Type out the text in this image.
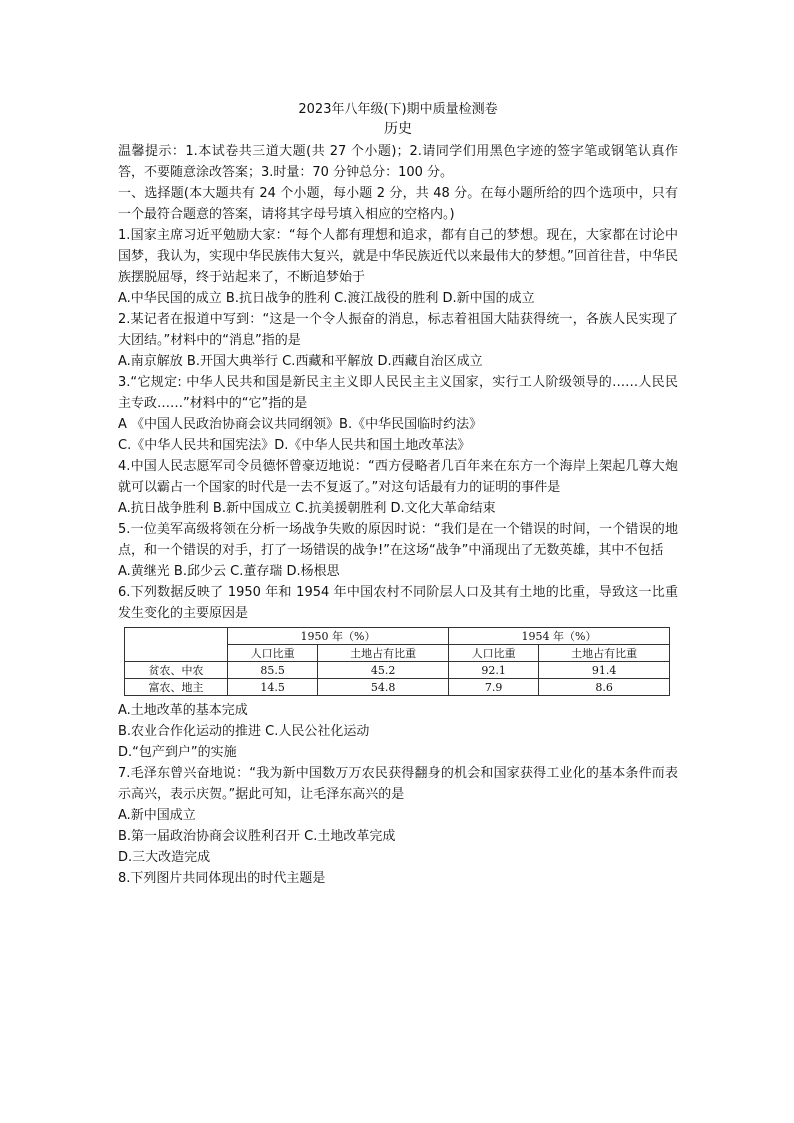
2023年八年级(下)期中质量检测卷
历史

温馨提示：1.本试卷共三道大题(共 27 个小题)；2.请同学们用黑色字迹的签字笔或钢笔认真作答，不要随意涂改答案；3.时量：70 分钟总分：100 分。

一、选择题(本大题共有 24 个小题，每小题 2 分，共 48 分。在每小题所给的四个选项中，只有一个最符合题意的答案，请将其字母号填入相应的空格内。)

1.国家主席习近平勉励大家：“每个人都有理想和追求，都有自己的梦想。现在，大家都在讨论中国梦，我认为，实现中华民族伟大复兴，就是中华民族近代以来最伟大的梦想。”回首往昔，中华民族摆脱屈辱，终于站起来了，不断追梦始于

A.中华民国的成立 B.抗日战争的胜利 C.渡江战役的胜利 D.新中国的成立

2.某记者在报道中写到：“这是一个令人振奋的消息，标志着祖国大陆获得统一，各族人民实现了大团结。”材料中的“消息”指的是

A.南京解放 B.开国大典举行 C.西藏和平解放 D.西藏自治区成立

3.“它规定: 中华人民共和国是新民主主义即人民民主主义国家，实行工人阶级领导的……人民民主专政……”材料中的“它”指的是

A 《中国人民政治协商会议共同纲领》B.《中华民国临时约法》

C.《中华人民共和国宪法》D.《中华人民共和国土地改革法》

4.中国人民志愿军司令员德怀曾豪迈地说：“西方侵略者几百年来在东方一个海岸上架起几尊大炮就可以霸占一个国家的时代是一去不复返了。”对这句话最有力的证明的事件是

A.抗日战争胜利 B.新中国成立 C.抗美援朝胜利 D.文化大革命结束

5.一位美军高级将领在分析一场战争失败的原因时说：“我们是在一个错误的时间，一个错误的地点，和一个错误的对手，打了一场错误的战争!”在这场“战争”中涌现出了无数英雄，其中不包括

A.黄继光 B.邱少云 C.董存瑞 D.杨根思

6.下列数据反映了 1950 年和 1954 年中国农村不同阶层人口及其有土地的比重，导致这一比重发生变化的主要原因是

	1950 年（%）		1954 年（%）	
	人口比重	土地占有比重	人口比重	土地占有比重
贫农、中农	85.5	45.2	92.1	91.4
富农、地主	14.5	54.8	7.9	8.6

A.土地改革的基本完成

B.农业合作化运动的推进 C.人民公社化运动

D.“包产到户”的实施

7.毛泽东曾兴奋地说：“我为新中国数万万农民获得翻身的机会和国家获得工业化的基本条件而表示高兴，表示庆贺。”据此可知，让毛泽东高兴的是

A.新中国成立

B.第一届政治协商会议胜利召开 C.土地改革完成

D.三大改造完成

8.下列图片共同体现出的时代主题是
